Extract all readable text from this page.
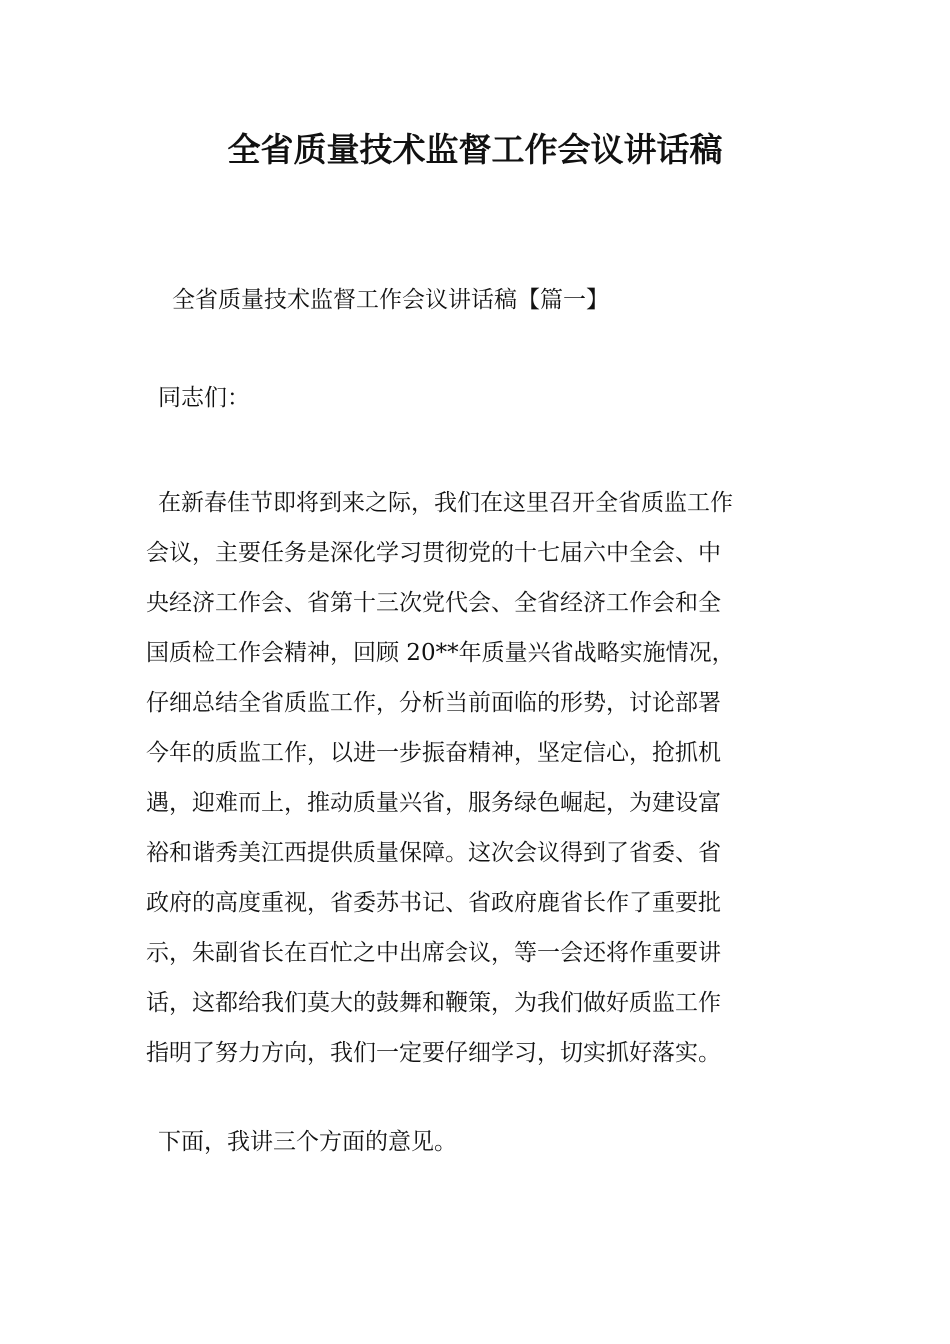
全省质量技术监督工作会议讲话稿

全省质量技术监督工作会议讲话稿【篇一】

同志们：

在新春佳节即将到来之际，我们在这里召开全省质监工作
会议，主要任务是深化学习贯彻党的十七届六中全会、中
央经济工作会、省第十三次党代会、全省经济工作会和全
国质检工作会精神，回顾 20**年质量兴省战略实施情况，
仔细总结全省质监工作，分析当前面临的形势，讨论部署
今年的质监工作，以进一步振奋精神，坚定信心，抢抓机
遇，迎难而上，推动质量兴省，服务绿色崛起，为建设富
裕和谐秀美江西提供质量保障。这次会议得到了省委、省
政府的高度重视，省委苏书记、省政府鹿省长作了重要批
示，朱副省长在百忙之中出席会议，等一会还将作重要讲
话，这都给我们莫大的鼓舞和鞭策，为我们做好质监工作
指明了努力方向，我们一定要仔细学习，切实抓好落实。

下面，我讲三个方面的意见。
